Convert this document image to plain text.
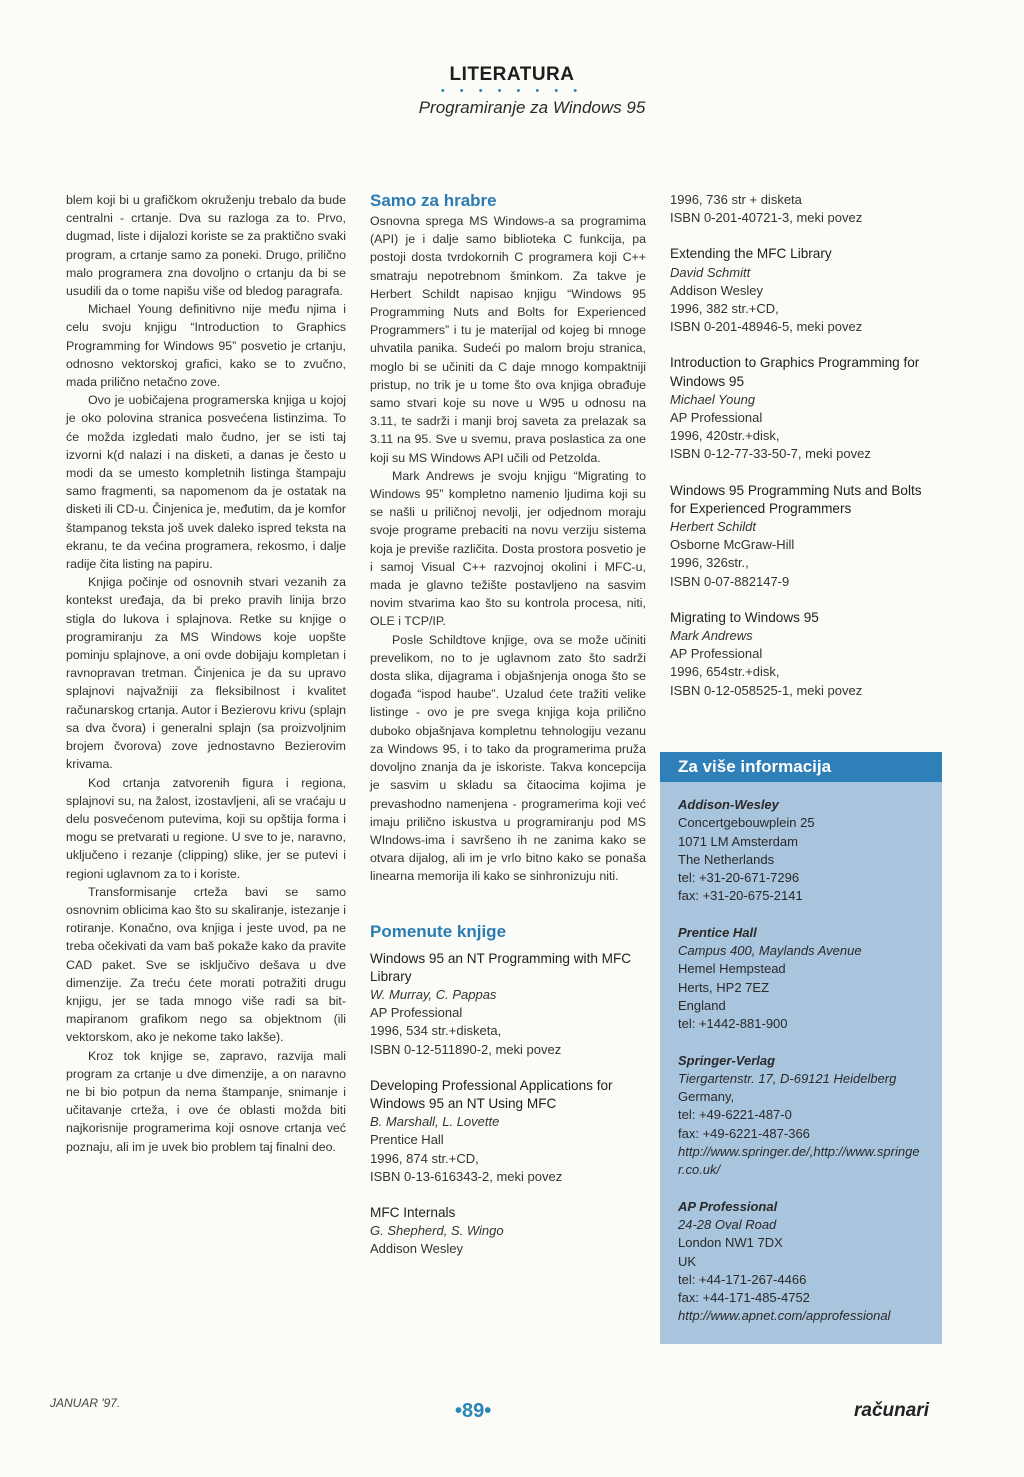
LITERATURA
• • • • • • • •
Programiranje za Windows 95

blem koji bi u grafičkom okruženju trebalo da bude centralni - crtanje. Dva su razloga za to. Prvo, dugmad, liste i dijalozi koriste se za praktično svaki program, a crtanje samo za poneki. Drugo, prilično malo programera zna dovoljno o crtanju da bi se usudili da o tome napišu više od bledog paragrafa.

Michael Young definitivno nije među njima i celu svoju knjigu “Introduction to Graphics Programming for Windows 95” posvetio je crtanju, odnosno vektorskoj grafici, kako se to zvučno, mada prilično netačno zove.

Ovo je uobičajena programerska knjiga u kojoj je oko polovina stranica posvećena listinzima. To će možda izgledati malo čudno, jer se isti taj izvorni k(d nalazi i na disketi, a danas je često u modi da se umesto kompletnih listinga štampaju samo fragmenti, sa napomenom da je ostatak na disketi ili CD-u. Činjenica je, međutim, da je komfor štampanog teksta još uvek daleko ispred teksta na ekranu, te da većina programera, rekosmo, i dalje radije čita listing na papiru.

Knjiga počinje od osnovnih stvari vezanih za kontekst uređaja, da bi preko pravih linija brzo stigla do lukova i splajnova. Retke su knjige o programiranju za MS Windows koje uopšte pominju splajnove, a oni ovde dobijaju kompletan i ravnopravan tretman. Činjenica je da su upravo splajnovi najvažniji za fleksibilnost i kvalitet računarskog crtanja. Autor i Bezierovu krivu (splajn sa dva čvora) i generalni splajn (sa proizvoljnim brojem čvorova) zove jednostavno Bezierovim krivama.

Kod crtanja zatvorenih figura i regiona, splajnovi su, na žalost, izostavljeni, ali se vraćaju u delu posvećenom putevima, koji su opštija forma i mogu se pretvarati u regione. U sve to je, naravno, uključeno i rezanje (clipping) slike, jer se putevi i regioni uglavnom za to i koriste.

Transformisanje crteža bavi se samo osnovnim oblicima kao što su skaliranje, istezanje i rotiranje. Konačno, ova knjiga i jeste uvod, pa ne treba očekivati da vam baš pokaže kako da pravite CAD paket. Sve se isključivo dešava u dve dimenzije. Za treću ćete morati potražiti drugu knjigu, jer se tada mnogo više radi sa bit-mapiranom grafikom nego sa objektnom (ili vektorskom, ako je nekome tako lakše).

Kroz tok knjige se, zapravo, razvija mali program za crtanje u dve dimenzije, a on naravno ne bi bio potpun da nema štampanje, snimanje i učitavanje crteža, i ove će oblasti možda biti najkorisnije programerima koji osnove crtanja već poznaju, ali im je uvek bio problem taj finalni deo.

Samo za hrabre

Osnovna sprega MS Windows-a sa programima (API) je i dalje samo biblioteka C funkcija, pa postoji dosta tvrdokornih C programera koji C++ smatraju nepotrebnom šminkom. Za takve je Herbert Schildt napisao knjigu “Windows 95 Programming Nuts and Bolts for Experienced Programmers” i tu je materijal od kojeg bi mnoge uhvatila panika. Sudeći po malom broju stranica, moglo bi se učiniti da C daje mnogo kompaktniji pristup, no trik je u tome što ova knjiga obrađuje samo stvari koje su nove u W95 u odnosu na 3.11, te sadrži i manji broj saveta za prelazak sa 3.11 na 95. Sve u svemu, prava poslastica za one koji su MS Windows API učili od Petzolda.

Mark Andrews je svoju knjigu “Migrating to Windows 95” kompletno namenio ljudima koji su se našli u priličnoj nevolji, jer odjednom moraju svoje programe prebaciti na novu verziju sistema koja je previše različita. Dosta prostora posvetio je i samoj Visual C++ razvojnoj okolini i MFC-u, mada je glavno težište postavljeno na sasvim novim stvarima kao što su kontrola procesa, niti, OLE i TCP/IP.

Posle Schildtove knjige, ova se može učiniti prevelikom, no to je uglavnom zato što sadrži dosta slika, dijagrama i objašnjenja onoga što se događa “ispod haube”. Uzalud ćete tražiti velike listinge - ovo je pre svega knjiga koja prilično duboko objašnjava kompletnu tehnologiju vezanu za Windows 95, i to tako da programerima pruža dovoljno znanja da je iskoriste. Takva koncepcija je sasvim u skladu sa čitaocima kojima je prevashodno namenjena - programerima koji već imaju prilično iskustva u programiranju pod MS WIndows-ima i savršeno ih ne zanima kako se otvara dijalog, ali im je vrlo bitno kako se ponaša linearna memorija ili kako se sinhronizuju niti.

Pomenute knjige
Windows 95 an NT Programming with MFC Library
W. Murray, C. Pappas
AP Professional
1996, 534 str.+disketa,
ISBN 0-12-511890-2, meki povez
Developing Professional Applications for Windows 95 an NT Using MFC
B. Marshall, L. Lovette
Prentice Hall
1996, 874 str.+CD,
ISBN 0-13-616343-2, meki povez
MFC Internals
G. Shepherd, S. Wingo
Addison Wesley
1996, 736 str + disketa
ISBN 0-201-40721-3, meki povez
Extending the MFC Library
David Schmitt
Addison Wesley
1996, 382 str.+CD,
ISBN 0-201-48946-5, meki povez
Introduction to Graphics Programming for Windows 95
Michael Young
AP Professional
1996, 420str.+disk,
ISBN 0-12-77-33-50-7, meki povez
Windows 95 Programming Nuts and Bolts for Experienced Programmers
Herbert Schildt
Osborne McGraw-Hill
1996, 326str.,
ISBN 0-07-882147-9
Migrating to Windows 95
Mark Andrews
AP Professional
1996, 654str.+disk,
ISBN 0-12-058525-1, meki povez
Za više informacija
Addison-Wesley
Concertgebouwplein 25
1071 LM Amsterdam
The Netherlands
tel: +31-20-671-7296
fax: +31-20-675-2141
Prentice Hall
Campus 400, Maylands Avenue
Hemel Hempstead
Herts, HP2 7EZ
England
tel: +1442-881-900
Springer-Verlag
Tiergartenstr. 17, D-69121 Heidelberg
Germany,
tel: +49-6221-487-0
fax: +49-6221-487-366
http://www.springer.de/,http://www.springer.co.uk/
AP Professional
24-28 Oval Road
London NW1 7DX
UK
tel: +44-171-267-4466
fax: +44-171-485-4752
http://www.apnet.com/approfessional
JANUAR '97.	•89•	računari
